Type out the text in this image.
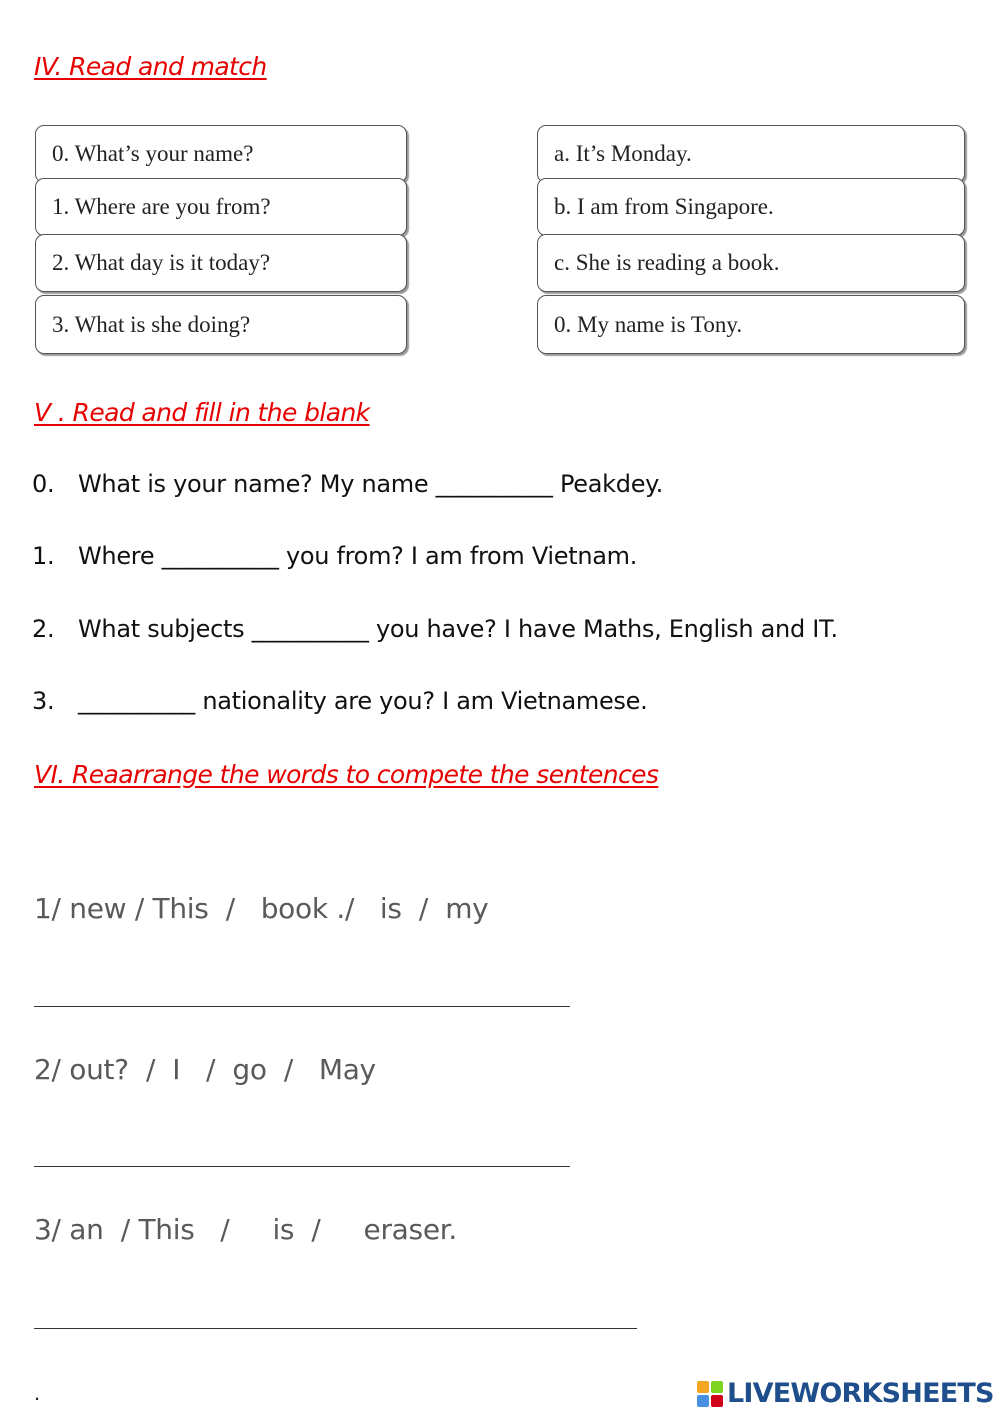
IV. Read and match
0. What’s your name?
1. Where are you from?
2. What day is it today?
3. What is she doing?
a. It’s Monday.
b. I am from Singapore.
c. She is reading a book.
0. My name is Tony.
V . Read and fill in the blank
0. What is your name? My name __________ Peakdey.
1. Where __________ you from? I am from Vietnam.
2. What subjects __________ you have? I have Maths, English and IT.
3. __________ nationality are you? I am Vietnamese.
VI. Reaarrange the words to compete the sentences
1/ new / This  /   book ./   is  /  my
2/ out?  /  I   /  go  /   May
3/ an  / This   /     is  /     eraser.
.	LIVEWORKSHEETS
